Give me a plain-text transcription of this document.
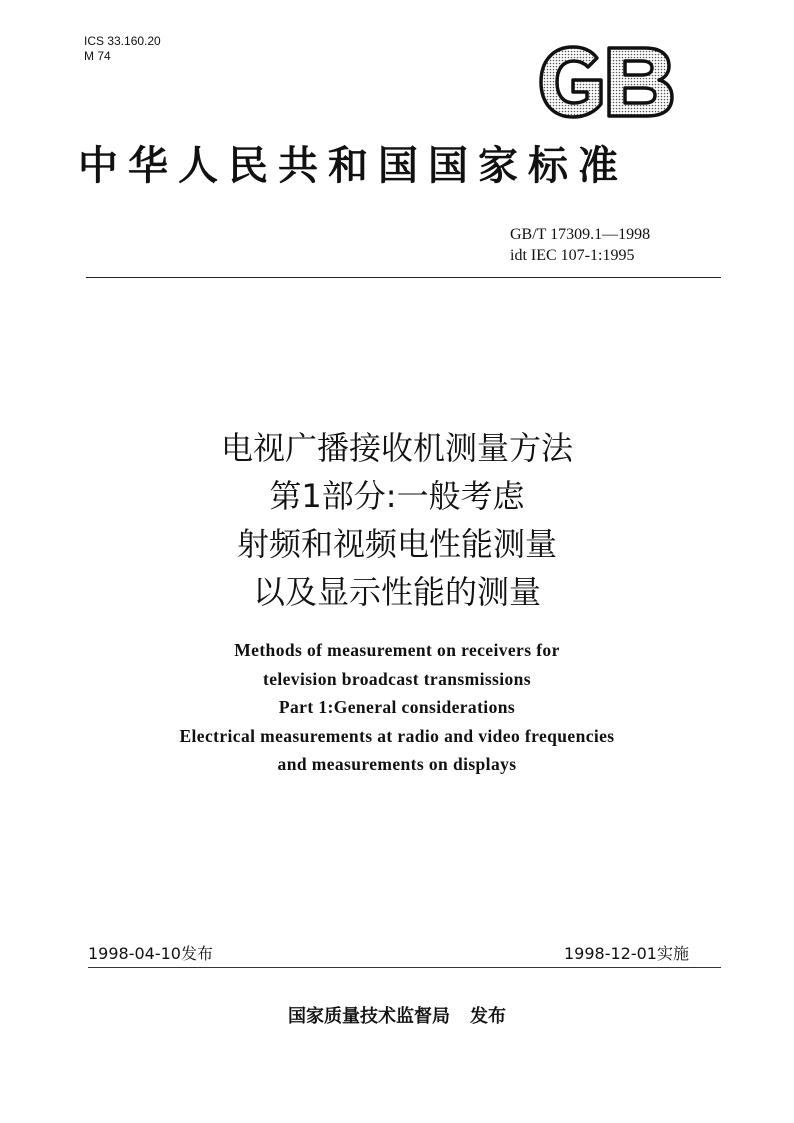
ICS 33.160.20
M 74
GB
中华人民共和国国家标准
GB/T 17309.1—1998
idt IEC 107-1:1995
电视广播接收机测量方法
第1部分:一般考虑
射频和视频电性能测量
以及显示性能的测量
Methods of measurement on receivers for
television broadcast transmissions
Part 1:General considerations
Electrical measurements at radio and video frequencies
and measurements on displays
1998-04-10发布	1998-12-01实施
国家质量技术监督局 发布
